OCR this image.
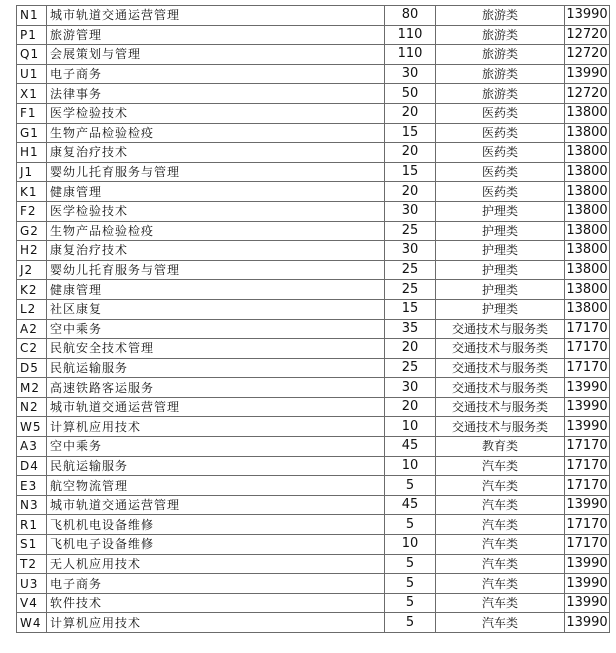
N1	城市轨道交通运营管理	80	旅游类	13990
P1	旅游管理	110	旅游类	12720
Q1	会展策划与管理	110	旅游类	12720
U1	电子商务	30	旅游类	13990
X1	法律事务	50	旅游类	12720
F1	医学检验技术	20	医药类	13800
G1	生物产品检验检疫	15	医药类	13800
H1	康复治疗技术	20	医药类	13800
J1	婴幼儿托育服务与管理	15	医药类	13800
K1	健康管理	20	医药类	13800
F2	医学检验技术	30	护理类	13800
G2	生物产品检验检疫	25	护理类	13800
H2	康复治疗技术	30	护理类	13800
J2	婴幼儿托育服务与管理	25	护理类	13800
K2	健康管理	25	护理类	13800
L2	社区康复	15	护理类	13800
A2	空中乘务	35	交通技术与服务类	17170
C2	民航安全技术管理	20	交通技术与服务类	17170
D5	民航运输服务	25	交通技术与服务类	17170
M2	高速铁路客运服务	30	交通技术与服务类	13990
N2	城市轨道交通运营管理	20	交通技术与服务类	13990
W5	计算机应用技术	10	交通技术与服务类	13990
A3	空中乘务	45	教育类	17170
D4	民航运输服务	10	汽车类	17170
E3	航空物流管理	5	汽车类	17170
N3	城市轨道交通运营管理	45	汽车类	13990
R1	飞机机电设备维修	5	汽车类	17170
S1	飞机电子设备维修	10	汽车类	17170
T2	无人机应用技术	5	汽车类	13990
U3	电子商务	5	汽车类	13990
V4	软件技术	5	汽车类	13990
W4	计算机应用技术	5	汽车类	13990
